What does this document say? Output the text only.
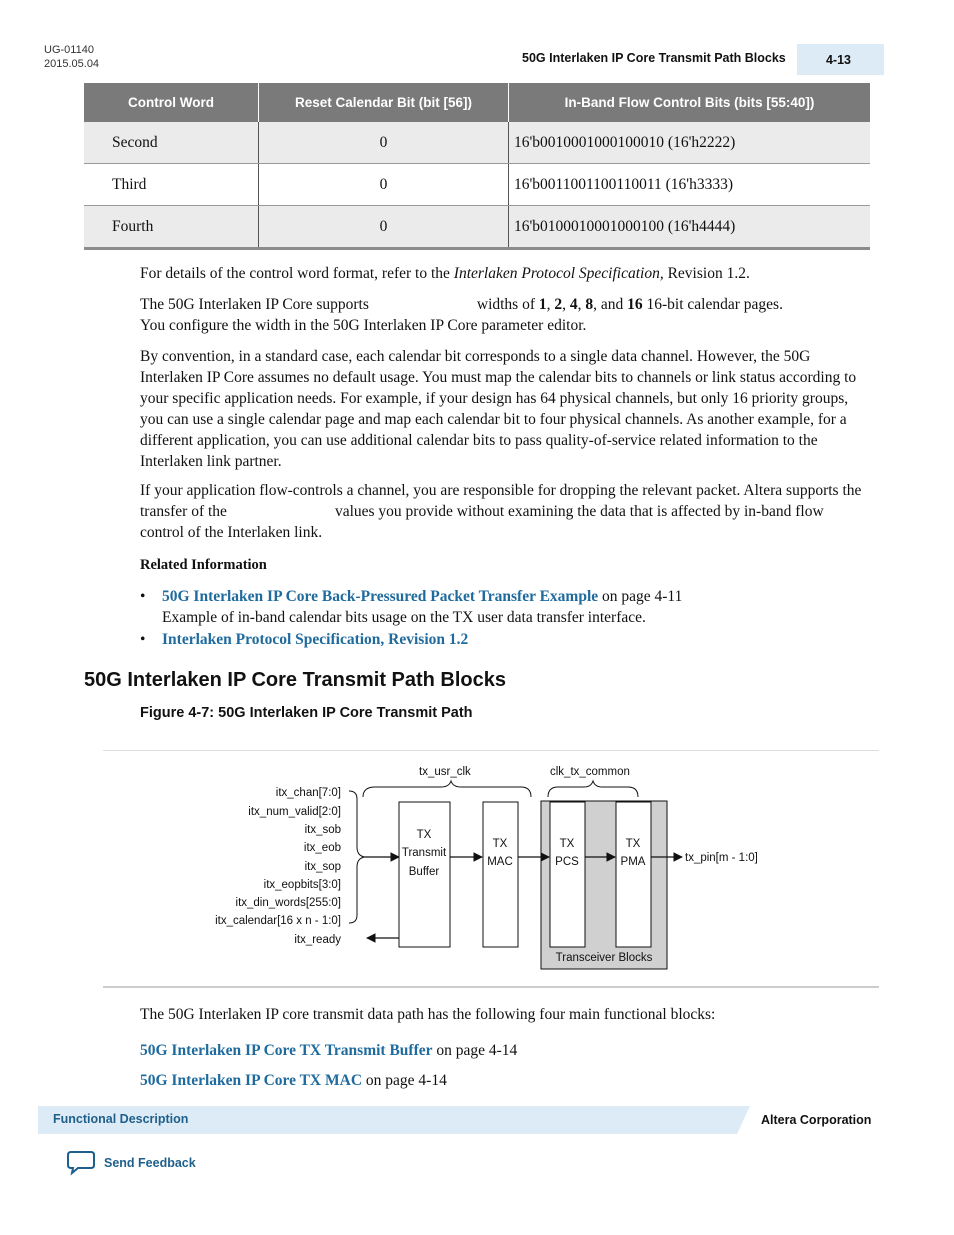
UG-01140
2015.05.04	50G Interlaken IP Core Transmit Path Blocks	4-13
Control Word	Reset Calendar Bit (bit [56])	In-Band Flow Control Bits (bits [55:40])
Second	0	16'b0010001000100010 (16'h2222)
Third	0	16'b0011001100110011 (16'h3333)
Fourth	0	16'b0100010001000100 (16'h4444)
For details of the control word format, refer to the Interlaken Protocol Specification, Revision 1.2.
The 50G Interlaken IP Core supports	widths of 1, 2, 4, 8, and 16 16-bit calendar pages.
You configure the width in the 50G Interlaken IP Core parameter editor.
By convention, in a standard case, each calendar bit corresponds to a single data channel. However, the 50G Interlaken IP Core assumes no default usage. You must map the calendar bits to channels or link status according to your specific application needs. For example, if your design has 64 physical channels, but only 16 priority groups, you can use a single calendar page and map each calendar bit to four physical channels. As another example, for a different application, you can use additional calendar bits to pass quality-of-service related information to the Interlaken link partner.
If your application flow-controls a channel, you are responsible for dropping the relevant packet. Altera supports the transfer of the	values you provide without examining the data that is affected by in-band flow control of the Interlaken link.
Related Information
• 50G Interlaken IP Core Back-Pressured Packet Transfer Example on page 4-11
Example of in-band calendar bits usage on the TX user data transfer interface.
• Interlaken Protocol Specification, Revision 1.2
50G Interlaken IP Core Transmit Path Blocks
Figure 4-7: 50G Interlaken IP Core Transmit Path
itx_chan[7:0]
itx_num_valid[2:0]
itx_sob
itx_eob
itx_sop
itx_eopbits[3:0]
itx_din_words[255:0]
itx_calendar[16 x n - 1:0]
itx_ready
tx_usr_clk	clk_tx_common
Transceiver Blocks
TX
Transmit
Buffer
TX
MAC
TX
PCS
TX
PMA	tx_pin[m - 1:0]
The 50G Interlaken IP core transmit data path has the following four main functional blocks:
50G Interlaken IP Core TX Transmit Buffer on page 4-14
50G Interlaken IP Core TX MAC on page 4-14
Functional Description	Altera Corporation
Send Feedback
